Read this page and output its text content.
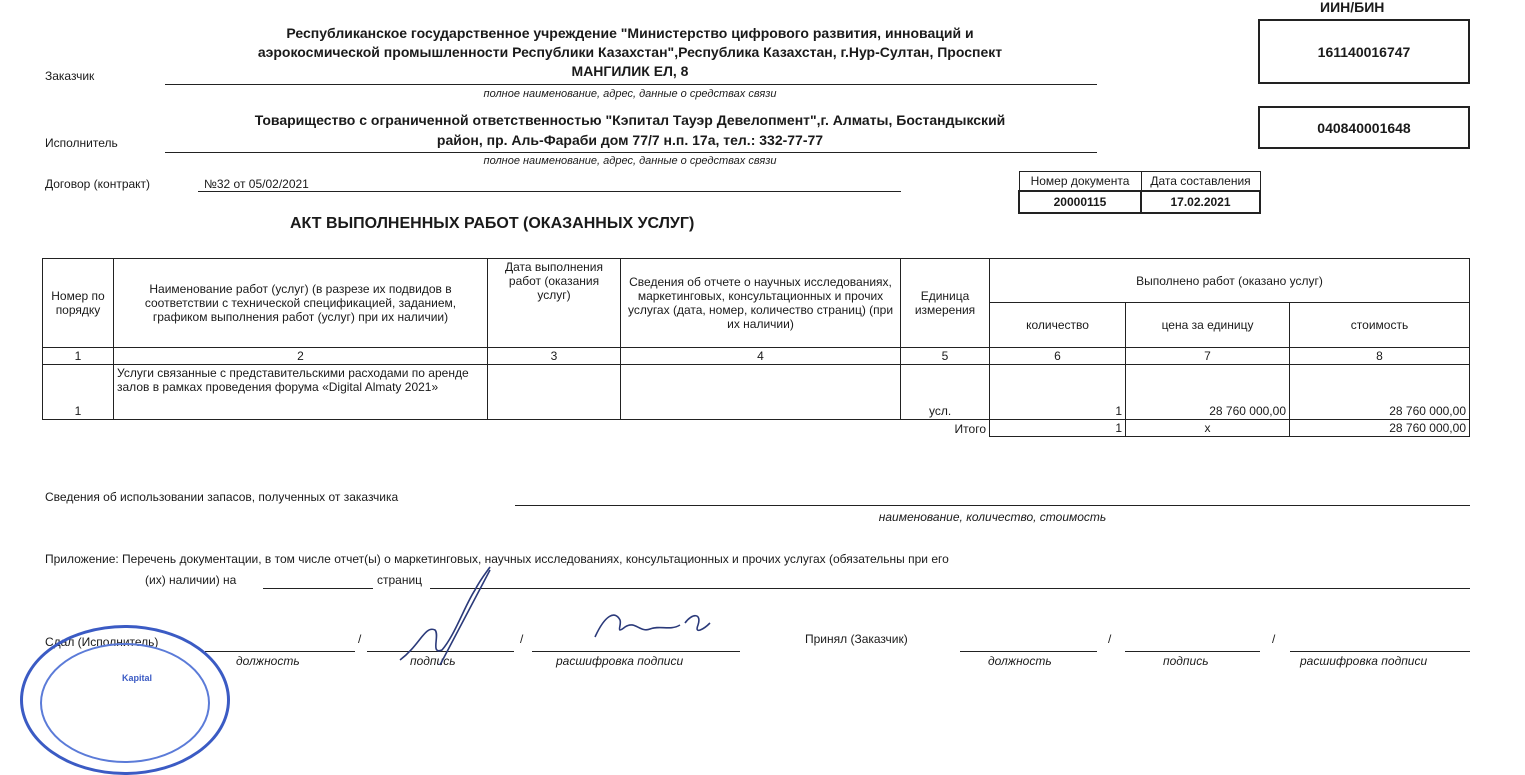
ИИН/БИН
Заказчик
Республиканское государственное учреждение "Министерство цифрового развития, инноваций и
аэрокосмической промышленности Республики Казахстан",Республика Казахстан, г.Нур-Султан, Проспект
МАНГИЛИК ЕЛ, 8
полное наименование, адрес, данные о средствах связи
161140016747
Исполнитель
Товарищество с ограниченной ответственностью "Кэпитал Тауэр Девелопмент",г. Алматы, Бостандыкский
район, пр. Аль-Фараби дом 77/7 н.п. 17а, тел.: 332-77-77
полное наименование, адрес, данные о средствах связи
040840001648
Договор (контракт)	№32 от 05/02/2021	Номер документа	Дата составления
20000115	17.02.2021
АКТ ВЫПОЛНЕННЫХ РАБОТ (ОКАЗАННЫХ УСЛУГ)
Номер по порядку	Наименование работ (услуг) (в разрезе их подвидов в соответствии с технической спецификацией, заданием, графиком выполнения работ (услуг) при их наличии)	Дата выполнения работ (оказания услуг)	Сведения об отчете о научных исследованиях, маркетинговых, консультационных и прочих услугах (дата, номер, количество страниц) (при их наличии)	Единица измерения	Выполнено работ (оказано услуг)		
					количество	цена за единицу	стоимость
1	2	3	4	5	6	7	8
1	Услуги связанные с представительскими расходами по аренде залов в рамках проведения форума «Digital Almaty 2021»			усл.	1	28 760 000,00	28 760 000,00
				Итого	1	х	28 760 000,00
Сведения об использовании запасов, полученных от заказчика
наименование, количество, стоимость
Приложение: Перечень документации, в том числе отчет(ы) о маркетинговых, научных исследованиях, консультационных и прочих услугах (обязательны при его
(их) наличии) на	страниц
Сдал (Исполнитель)	/	/
должность	подпись	расшифровка подписи
Принял (Заказчик)	/	/
должность	подпись	расшифровка подписи
Kapital
